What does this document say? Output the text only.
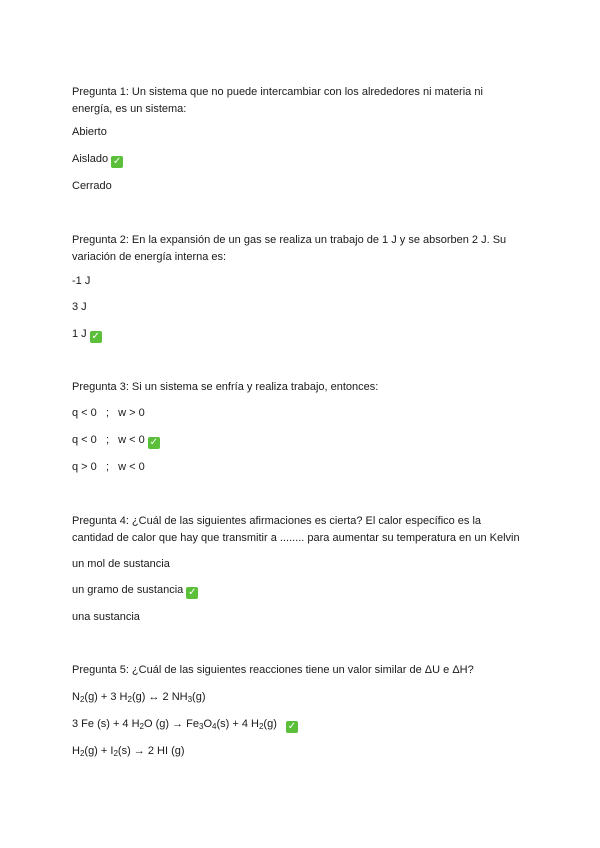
Pregunta 1: Un sistema que no puede intercambiar con los alrededores ni materia ni energía, es un sistema:

Abierto
Aislado ✓
Cerrado

Pregunta 2: En la expansión de un gas se realiza un trabajo de 1 J y se absorben 2 J. Su variación de energía interna es:

-1 J
3 J
1 J ✓

Pregunta 3: Si un sistema se enfría y realiza trabajo, entonces:

q < 0   ;   w > 0
q < 0   ;   w < 0 ✓
q > 0   ;   w < 0

Pregunta 4: ¿Cuál de las siguientes afirmaciones es cierta? El calor específico es la cantidad de calor que hay que transmitir a ........ para aumentar su temperatura en un Kelvin

un mol de sustancia
un gramo de sustancia ✓
una sustancia

Pregunta 5: ¿Cuál de las siguientes reacciones tiene un valor similar de ΔU e ΔH?

$N_2(g) + 3$ $H_2(g)$ ↔ 2 $NH_3(g)$
3 Fe (s) + 4 $H_2O$ $(g) \to Fe_3O_4(s) + 4$ $H_2(g)$ ✓
$H_2(g) + I_2(s) \to 2$ HI (g)
